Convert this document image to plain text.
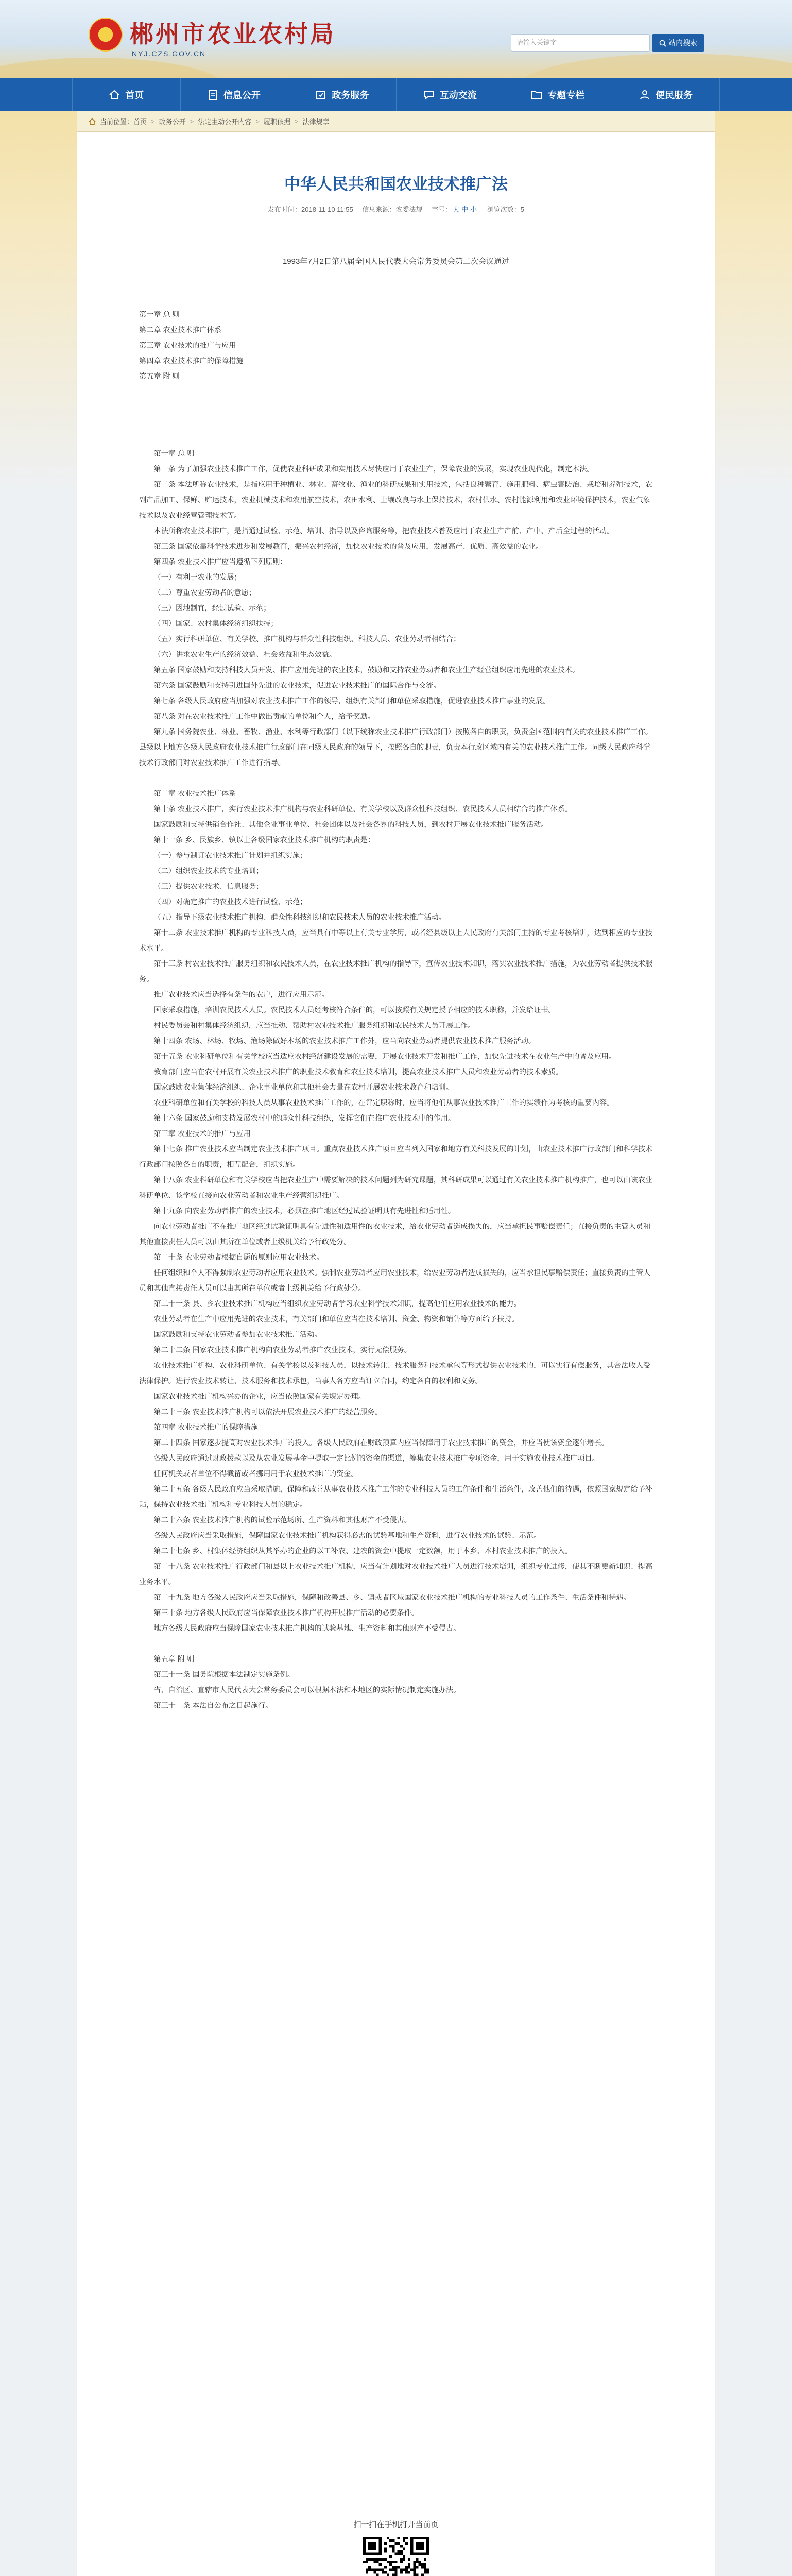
郴州市农业农村局
NYJ.CZS.GOV.CN
请输入关键字	站内搜索
首页	信息公开	政务服务	互动交流	专题专栏	便民服务
当前位置： 首页 > 政务公开 > 法定主动公开内容 > 履职依据 > 法律规章
中华人民共和国农业技术推广法
发布时间：2018-11-10 11:55 信息来源：农委法规 字号： 大 中 小 浏览次数：5
1993年7月2日第八届全国人民代表大会常务委员会第二次会议通过

第一章 总 则

第二章 农业技术推广体系

第三章 农业技术的推广与应用

第四章 农业技术推广的保障措施

第五章 附 则

第一章 总 则

第一条 为了加强农业技术推广工作，促使农业科研成果和实用技术尽快应用于农业生产，保障农业的发展，实现农业现代化，制定本法。

第二条 本法所称农业技术，是指应用于种植业、林业、畜牧业、渔业的科研成果和实用技术，包括良种繁育、施用肥料、病虫害防治、栽培和养殖技术，农副产品加工、保鲜、贮运技术，农业机械技术和农用航空技术，农田水利、土壤改良与水土保持技术，农村供水、农村能源利用和农业环境保护技术，农业气象技术以及农业经营管理技术等。

本法所称农业技术推广，是指通过试验、示范、培训、指导以及咨询服务等，把农业技术普及应用于农业生产产前、产中、产后全过程的活动。

第三条 国家依靠科学技术进步和发展教育，振兴农村经济，加快农业技术的普及应用，发展高产、优质、高效益的农业。

第四条 农业技术推广应当遵循下列原则：

（一）有利于农业的发展；

（二）尊重农业劳动者的意愿；

（三）因地制宜，经过试验、示范；

（四）国家、农村集体经济组织扶持；

（五）实行科研单位、有关学校、推广机构与群众性科技组织、科技人员、农业劳动者相结合；

（六）讲求农业生产的经济效益、社会效益和生态效益。

第五条 国家鼓励和支持科技人员开发、推广应用先进的农业技术，鼓励和支持农业劳动者和农业生产经营组织应用先进的农业技术。

第六条 国家鼓励和支持引进国外先进的农业技术，促进农业技术推广的国际合作与交流。

第七条 各级人民政府应当加强对农业技术推广工作的领导，组织有关部门和单位采取措施，促进农业技术推广事业的发展。

第八条 对在农业技术推广工作中做出贡献的单位和个人，给予奖励。

第九条 国务院农业、林业、畜牧、渔业、水利等行政部门（以下统称农业技术推广行政部门）按照各自的职责，负责全国范围内有关的农业技术推广工作。县级以上地方各级人民政府农业技术推广行政部门在同级人民政府的领导下，按照各自的职责，负责本行政区域内有关的农业技术推广工作。同级人民政府科学技术行政部门对农业技术推广工作进行指导。

第二章 农业技术推广体系

第十条 农业技术推广，实行农业技术推广机构与农业科研单位、有关学校以及群众性科技组织、农民技术人员相结合的推广体系。

国家鼓励和支持供销合作社、其他企业事业单位、社会团体以及社会各界的科技人员，到农村开展农业技术推广服务活动。

第十一条 乡、民族乡、镇以上各级国家农业技术推广机构的职责是：

（一）参与制订农业技术推广计划并组织实施；

（二）组织农业技术的专业培训；

（三）提供农业技术、信息服务；

（四）对确定推广的农业技术进行试验、示范；

（五）指导下级农业技术推广机构、群众性科技组织和农民技术人员的农业技术推广活动。

第十二条 农业技术推广机构的专业科技人员，应当具有中等以上有关专业学历，或者经县级以上人民政府有关部门主持的专业考核培训，达到相应的专业技术水平。

第十三条 村农业技术推广服务组织和农民技术人员，在农业技术推广机构的指导下，宣传农业技术知识，落实农业技术推广措施，为农业劳动者提供技术服务。

推广农业技术应当选择有条件的农户，进行应用示范。

国家采取措施，培训农民技术人员。农民技术人员经考核符合条件的，可以按照有关规定授予相应的技术职称，并发给证书。

村民委员会和村集体经济组织，应当推动、帮助村农业技术推广服务组织和农民技术人员开展工作。

第十四条 农场、林场、牧场、渔场除做好本场的农业技术推广工作外，应当向农业劳动者提供农业技术推广服务活动。

第十五条 农业科研单位和有关学校应当适应农村经济建设发展的需要，开展农业技术开发和推广工作，加快先进技术在农业生产中的普及应用。

教育部门应当在农村开展有关农业技术推广的职业技术教育和农业技术培训，提高农业技术推广人员和农业劳动者的技术素质。

国家鼓励农业集体经济组织、企业事业单位和其他社会力量在农村开展农业技术教育和培训。

农业科研单位和有关学校的科技人员从事农业技术推广工作的，在评定职称时，应当将他们从事农业技术推广工作的实绩作为考核的重要内容。

第十六条 国家鼓励和支持发展农村中的群众性科技组织，发挥它们在推广农业技术中的作用。

第三章 农业技术的推广与应用

第十七条 推广农业技术应当制定农业技术推广项目。重点农业技术推广项目应当列入国家和地方有关科技发展的计划，由农业技术推广行政部门和科学技术行政部门按照各自的职责，相互配合，组织实施。

第十八条 农业科研单位和有关学校应当把农业生产中需要解决的技术问题列为研究课题，其科研成果可以通过有关农业技术推广机构推广，也可以由该农业科研单位、该学校直接向农业劳动者和农业生产经营组织推广。

第十九条 向农业劳动者推广的农业技术，必须在推广地区经过试验证明具有先进性和适用性。

向农业劳动者推广不在推广地区经过试验证明具有先进性和适用性的农业技术，给农业劳动者造成损失的，应当承担民事赔偿责任；直接负责的主管人员和其他直接责任人员可以由其所在单位或者上级机关给予行政处分。

第二十条 农业劳动者根据自愿的原则应用农业技术。

任何组织和个人不得强制农业劳动者应用农业技术。强制农业劳动者应用农业技术，给农业劳动者造成损失的，应当承担民事赔偿责任；直接负责的主管人员和其他直接责任人员可以由其所在单位或者上级机关给予行政处分。

第二十一条 县、乡农业技术推广机构应当组织农业劳动者学习农业科学技术知识，提高他们应用农业技术的能力。

农业劳动者在生产中应用先进的农业技术，有关部门和单位应当在技术培训、资金、物资和销售等方面给予扶持。

国家鼓励和支持农业劳动者参加农业技术推广活动。

第二十二条 国家农业技术推广机构向农业劳动者推广农业技术，实行无偿服务。

农业技术推广机构、农业科研单位、有关学校以及科技人员，以技术转让、技术服务和技术承包等形式提供农业技术的，可以实行有偿服务，其合法收入受法律保护。进行农业技术转让、技术服务和技术承包，当事人各方应当订立合同，约定各自的权利和义务。

国家农业技术推广机构兴办的企业，应当依照国家有关规定办理。

第二十三条 农业技术推广机构可以依法开展农业技术推广的经营服务。

第四章 农业技术推广的保障措施

第二十四条 国家逐步提高对农业技术推广的投入。各级人民政府在财政预算内应当保障用于农业技术推广的资金，并应当使该资金逐年增长。

各级人民政府通过财政拨款以及从农业发展基金中提取一定比例的资金的渠道，筹集农业技术推广专项资金，用于实施农业技术推广项目。

任何机关或者单位不得截留或者挪用用于农业技术推广的资金。

第二十五条 各级人民政府应当采取措施，保障和改善从事农业技术推广工作的专业科技人员的工作条件和生活条件，改善他们的待遇，依照国家规定给予补贴，保持农业技术推广机构和专业科技人员的稳定。

第二十六条 农业技术推广机构的试验示范场所、生产资料和其他财产不受侵害。

各级人民政府应当采取措施，保障国家农业技术推广机构获得必需的试验基地和生产资料，进行农业技术的试验、示范。

第二十七条 乡、村集体经济组织从其举办的企业的以工补农、建农的资金中提取一定数额，用于本乡、本村农业技术推广的投入。

第二十八条 农业技术推广行政部门和县以上农业技术推广机构，应当有计划地对农业技术推广人员进行技术培训，组织专业进修，使其不断更新知识、提高业务水平。

第二十九条 地方各级人民政府应当采取措施，保障和改善县、乡、镇或者区域国家农业技术推广机构的专业科技人员的工作条件、生活条件和待遇。

第三十条 地方各级人民政府应当保障农业技术推广机构开展推广活动的必要条件。

地方各级人民政府应当保障国家农业技术推广机构的试验基地、生产资料和其他财产不受侵占。

第五章 附 则

第三十一条 国务院根据本法制定实施条例。

省、自治区、直辖市人民代表大会常务委员会可以根据本法和本地区的实际情况制定实施办法。

第三十二条 本法自公布之日起施行。

扫一扫在手机打开当前页
